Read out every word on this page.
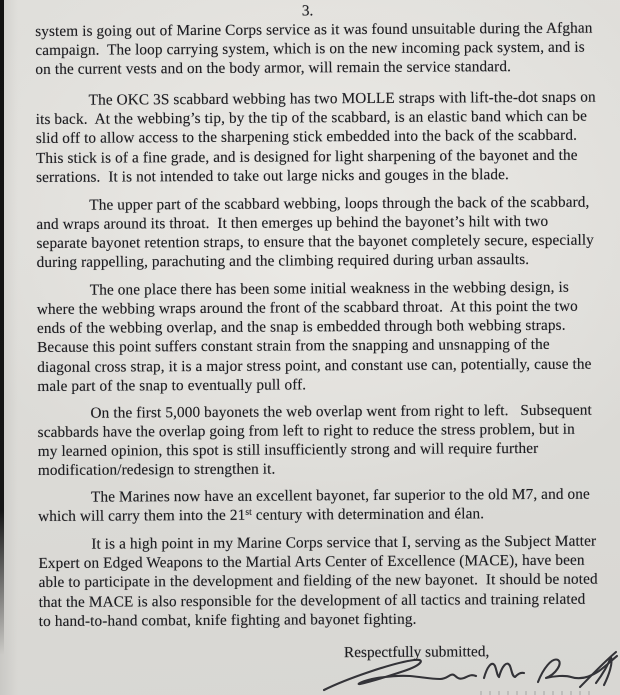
3.
system is going out of Marine Corps service as it was found unsuitable during the Afghan
campaign.  The loop carrying system, which is on the new incoming pack system, and is
on the current vests and on the body armor, will remain the service standard.
The OKC 3S scabbard webbing has two MOLLE straps with lift-the-dot snaps on
its back.  At the webbing’s tip, by the tip of the scabbard, is an elastic band which can be
slid off to allow access to the sharpening stick embedded into the back of the scabbard.
This stick is of a fine grade, and is designed for light sharpening of the bayonet and the
serrations.  It is not intended to take out large nicks and gouges in the blade.
The upper part of the scabbard webbing, loops through the back of the scabbard,
and wraps around its throat.  It then emerges up behind the bayonet’s hilt with two
separate bayonet retention straps, to ensure that the bayonet completely secure, especially
during rappelling, parachuting and the climbing required during urban assaults.
The one place there has been some initial weakness in the webbing design, is
where the webbing wraps around the front of the scabbard throat.  At this point the two
ends of the webbing overlap, and the snap is embedded through both webbing straps.
Because this point suffers constant strain from the snapping and unsnapping of the
diagonal cross strap, it is a major stress point, and constant use can, potentially, cause the
male part of the snap to eventually pull off.
On the first 5,000 bayonets the web overlap went from right to left.   Subsequent
scabbards have the overlap going from left to right to reduce the stress problem, but in
my learned opinion, this spot is still insufficiently strong and will require further
modification/redesign to strengthen it.
The Marines now have an excellent bayonet, far superior to the old M7, and one
which will carry them into the 21st century with determination and élan.
It is a high point in my Marine Corps service that I, serving as the Subject Matter
Expert on Edged Weapons to the Martial Arts Center of Excellence (MACE), have been
able to participate in the development and fielding of the new bayonet.  It should be noted
that the MACE is also responsible for the development of all tactics and training related
to hand-to-hand combat, knife fighting and bayonet fighting.
Respectfully submitted,
